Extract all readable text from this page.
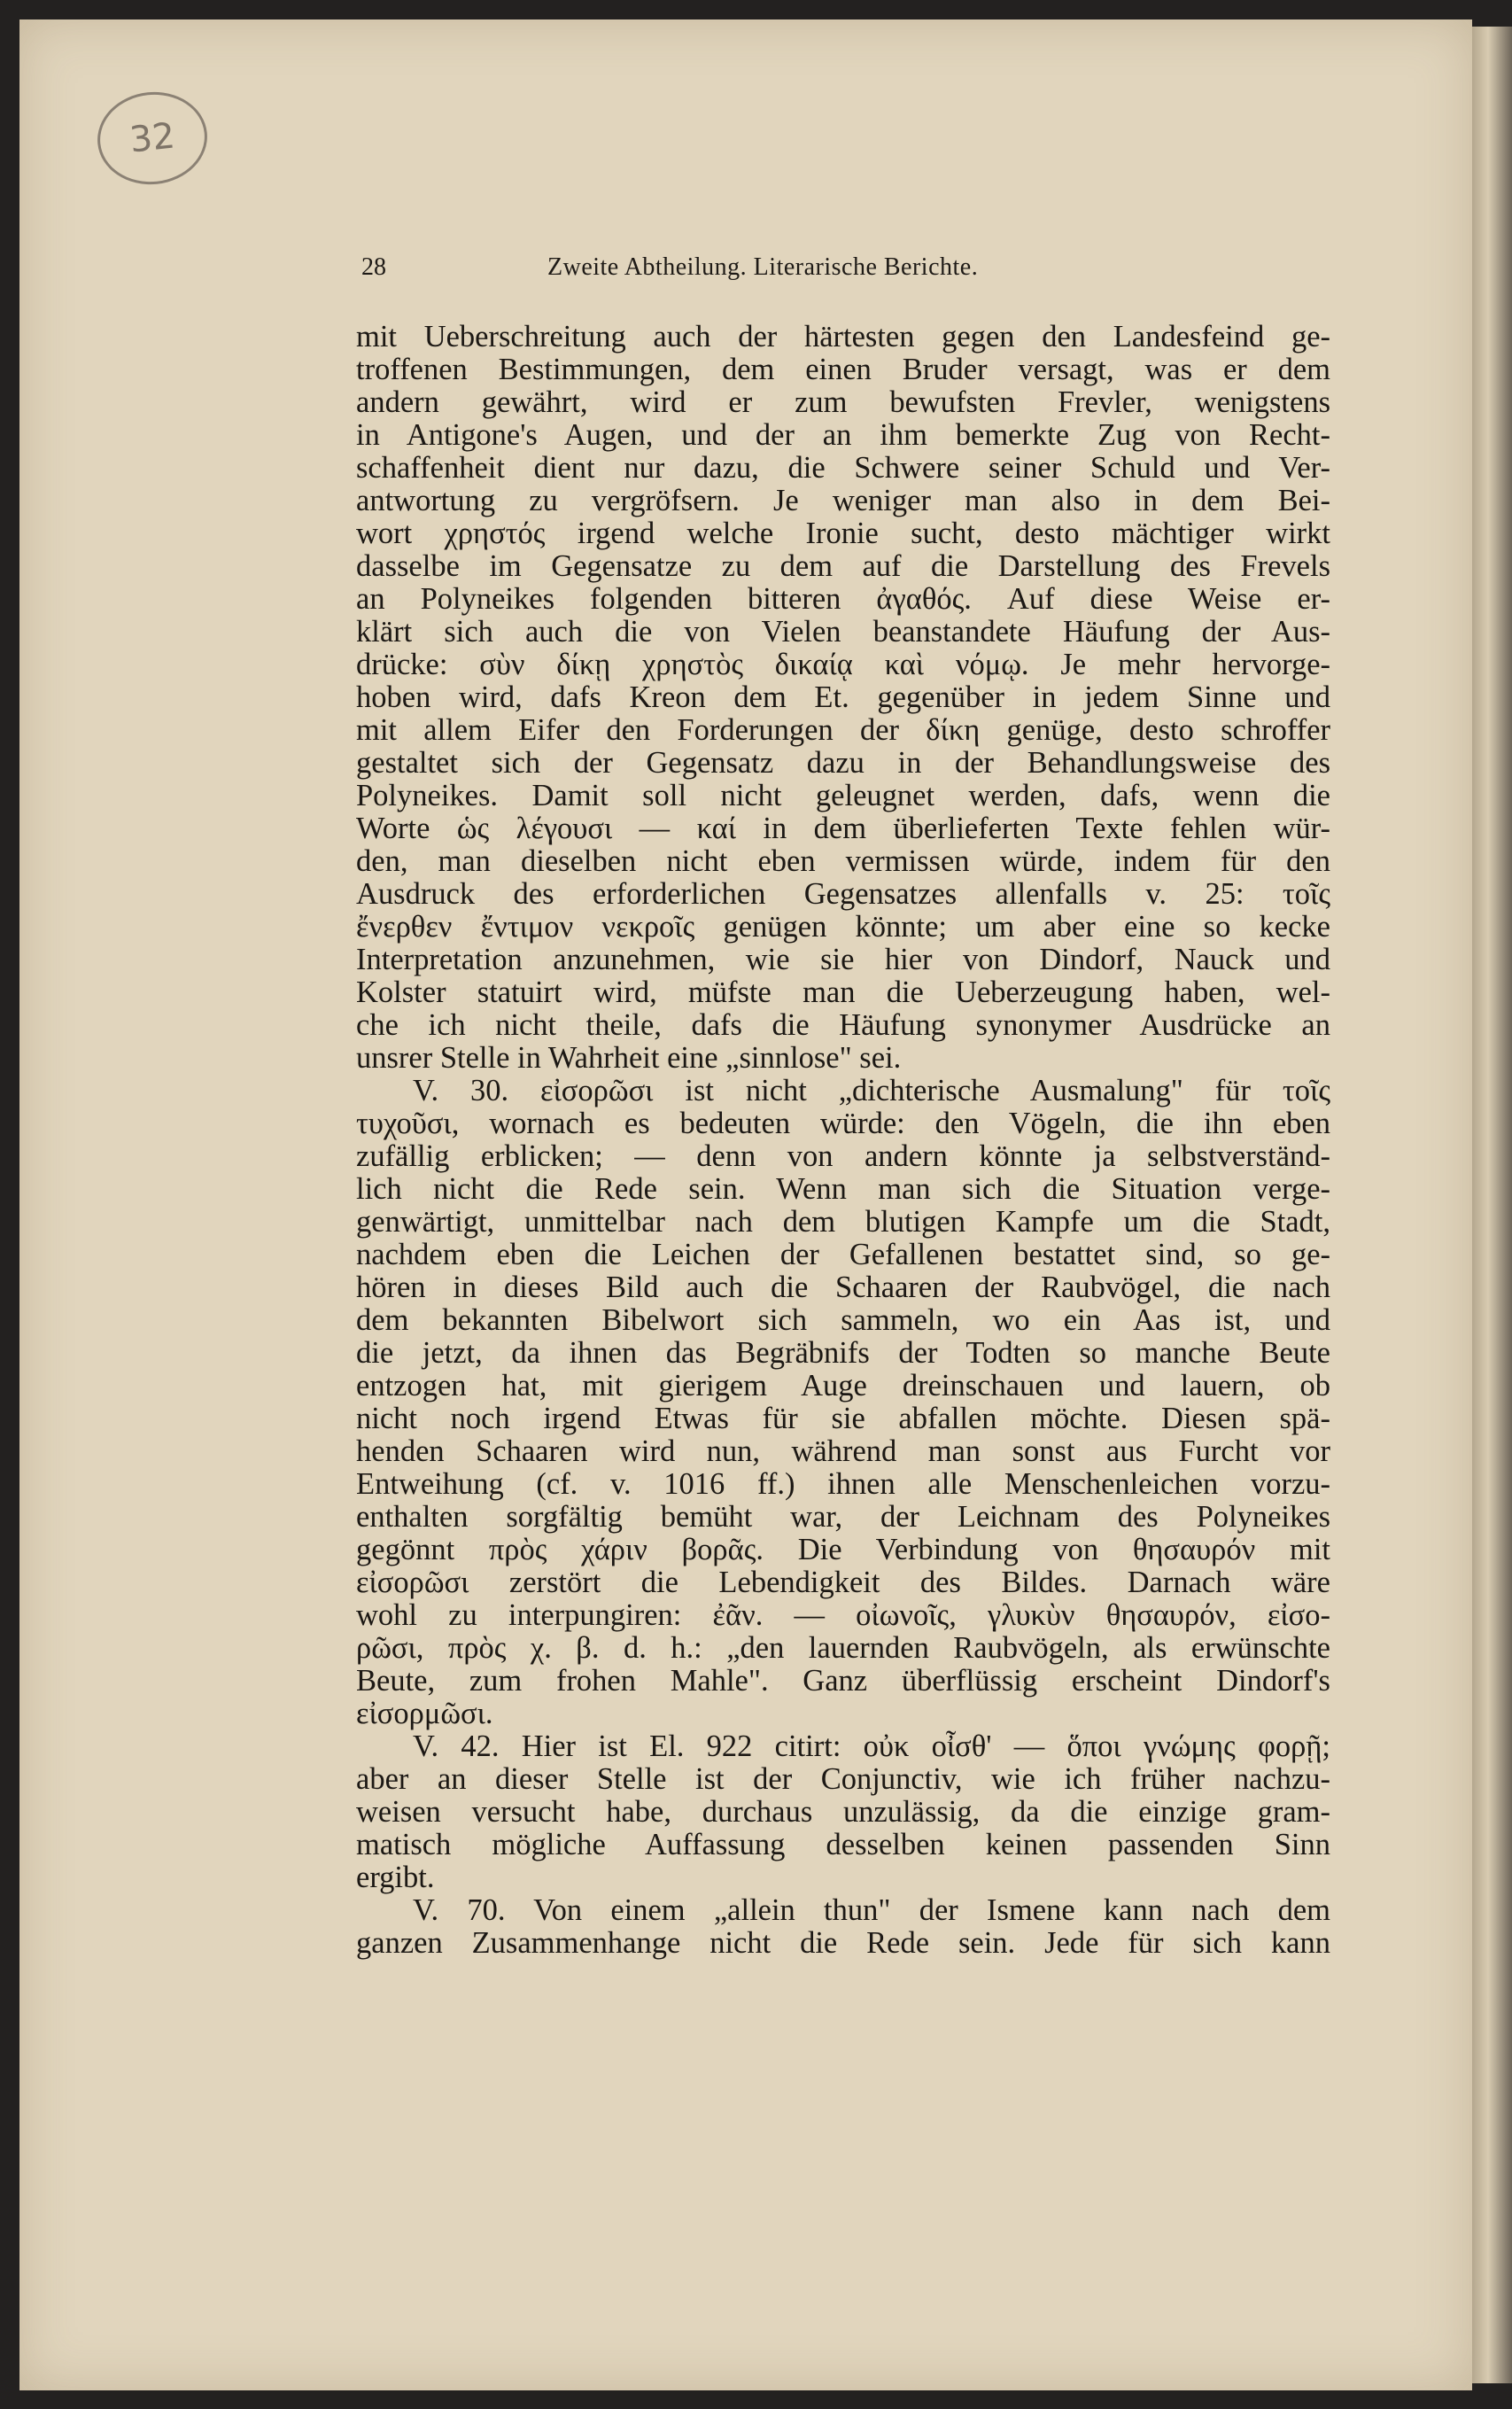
32
28	Zweite Abtheilung. Literarische Berichte.
mit Ueberschreitung auch der härtesten gegen den Landesfeind ge-
troffenen Bestimmungen, dem einen Bruder versagt, was er dem
andern gewährt, wird er zum bewufsten Frevler, wenigstens
in Antigone's Augen, und der an ihm bemerkte Zug von Recht-
schaffenheit dient nur dazu, die Schwere seiner Schuld und Ver-
antwortung zu vergröfsern. Je weniger man also in dem Bei-
wort χρηστός irgend welche Ironie sucht, desto mächtiger wirkt
dasselbe im Gegensatze zu dem auf die Darstellung des Frevels
an Polyneikes folgenden bitteren ἀγαθός. Auf diese Weise er-
klärt sich auch die von Vielen beanstandete Häufung der Aus-
drücke: σὺν δίκῃ χρηστὸς δικαίᾳ καὶ νόμῳ. Je mehr hervorge-
hoben wird, dafs Kreon dem Et. gegenüber in jedem Sinne und
mit allem Eifer den Forderungen der δίκη genüge, desto schroffer
gestaltet sich der Gegensatz dazu in der Behandlungsweise des
Polyneikes. Damit soll nicht geleugnet werden, dafs, wenn die
Worte ὡς λέγουσι — καί in dem überlieferten Texte fehlen wür-
den, man dieselben nicht eben vermissen würde, indem für den
Ausdruck des erforderlichen Gegensatzes allenfalls v. 25: τοῖς
ἔνερθεν ἔντιμον νεκροῖς genügen könnte; um aber eine so kecke
Interpretation anzunehmen, wie sie hier von Dindorf, Nauck und
Kolster statuirt wird, müfste man die Ueberzeugung haben, wel-
che ich nicht theile, dafs die Häufung synonymer Ausdrücke an
unsrer Stelle in Wahrheit eine „sinnlose" sei.
V. 30. εἰσορῶσι ist nicht „dichterische Ausmalung" für τοῖς
τυχοῦσι, wornach es bedeuten würde: den Vögeln, die ihn eben
zufällig erblicken; — denn von andern könnte ja selbstverständ-
lich nicht die Rede sein. Wenn man sich die Situation verge-
genwärtigt, unmittelbar nach dem blutigen Kampfe um die Stadt,
nachdem eben die Leichen der Gefallenen bestattet sind, so ge-
hören in dieses Bild auch die Schaaren der Raubvögel, die nach
dem bekannten Bibelwort sich sammeln, wo ein Aas ist, und
die jetzt, da ihnen das Begräbnifs der Todten so manche Beute
entzogen hat, mit gierigem Auge dreinschauen und lauern, ob
nicht noch irgend Etwas für sie abfallen möchte. Diesen spä-
henden Schaaren wird nun, während man sonst aus Furcht vor
Entweihung (cf. v. 1016 ff.) ihnen alle Menschenleichen vorzu-
enthalten sorgfältig bemüht war, der Leichnam des Polyneikes
gegönnt πρὸς χάριν βορᾶς. Die Verbindung von θησαυρόν mit
εἰσορῶσι zerstört die Lebendigkeit des Bildes. Darnach wäre
wohl zu interpungiren: ἐᾶν. — οἰωνοῖς, γλυκὺν θησαυρόν, εἰσο-
ρῶσι, πρὸς χ. β. d. h.: „den lauernden Raubvögeln, als erwünschte
Beute, zum frohen Mahle". Ganz überflüssig erscheint Dindorf's
εἰσορμῶσι.
V. 42. Hier ist El. 922 citirt: οὐκ οἶσθ' — ὅποι γνώμης φορῇ;
aber an dieser Stelle ist der Conjunctiv, wie ich früher nachzu-
weisen versucht habe, durchaus unzulässig, da die einzige gram-
matisch mögliche Auffassung desselben keinen passenden Sinn
ergibt.
V. 70. Von einem „allein thun" der Ismene kann nach dem
ganzen Zusammenhange nicht die Rede sein. Jede für sich kann
